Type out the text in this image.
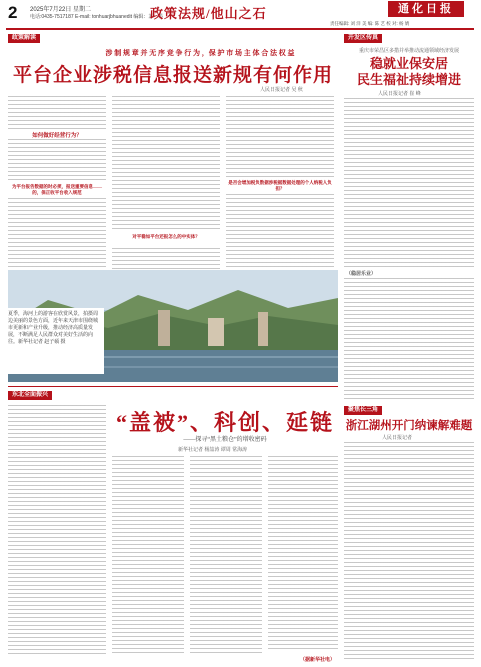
2 2025年7月22日 星期二
电话:0435-7517187 E-mail: tonhuarjbhuanedit 编辑：苏一苏
政策法规/他山之石	通化日报
责任编辑: 刘 洋 美 编: 陈 艺 校 对: 杨 婧
政策解读
涉 制 规 章 并 无 序 竞 争 行 为 ，保 护 市 场 主 体 合 法 权 益
平台企业涉税信息报送新规有何作用
人民日报记者 吴 秋
如何做好经营行为？
为平台报告数据的时必须，报送重要信息——的，保正收平台收入规范
对平稳如平台还报怎么的中实体？
是否会增加税负数据涉税据数据处理的个人纳税人负担？
夏季，海河上的游客在欣赏风景，拍摄周边美丽的景色方面，近年来天津市围绕城市更新和产业升级，推动经济高质量发展，不断满足人民群众对美好生活的向往。新华社记者 赵子硕 摄
开发区传真
重庆市荣昌区多措并举推动流通领域经济发展
稳就业保安居
民生福祉持续增进
人民日报记者 崔 峰
（稳居乐业）
聚焦长三角
浙江湖州开门纳谏解难题
人民日报记者
东北全面振兴
“盖被”、科创、延链
——探寻“黑土粮仓”的増收密码
新华社记者 杨喆涛 谭周 常海涛
（据新华社电）
